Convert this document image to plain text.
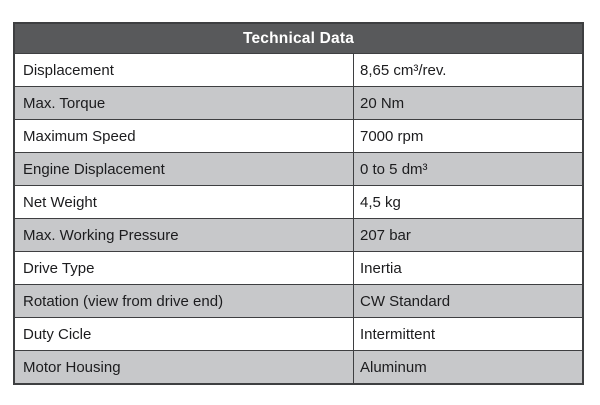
Technical Data
Displacement	8,65 cm³/rev.
Max. Torque	20 Nm
Maximum Speed	7000 rpm
Engine Displacement	0 to 5 dm³
Net Weight	4,5 kg
Max. Working Pressure	207 bar
Drive Type	Inertia
Rotation (view from drive end)	CW Standard
Duty Cicle	Intermittent
Motor Housing	Aluminum
